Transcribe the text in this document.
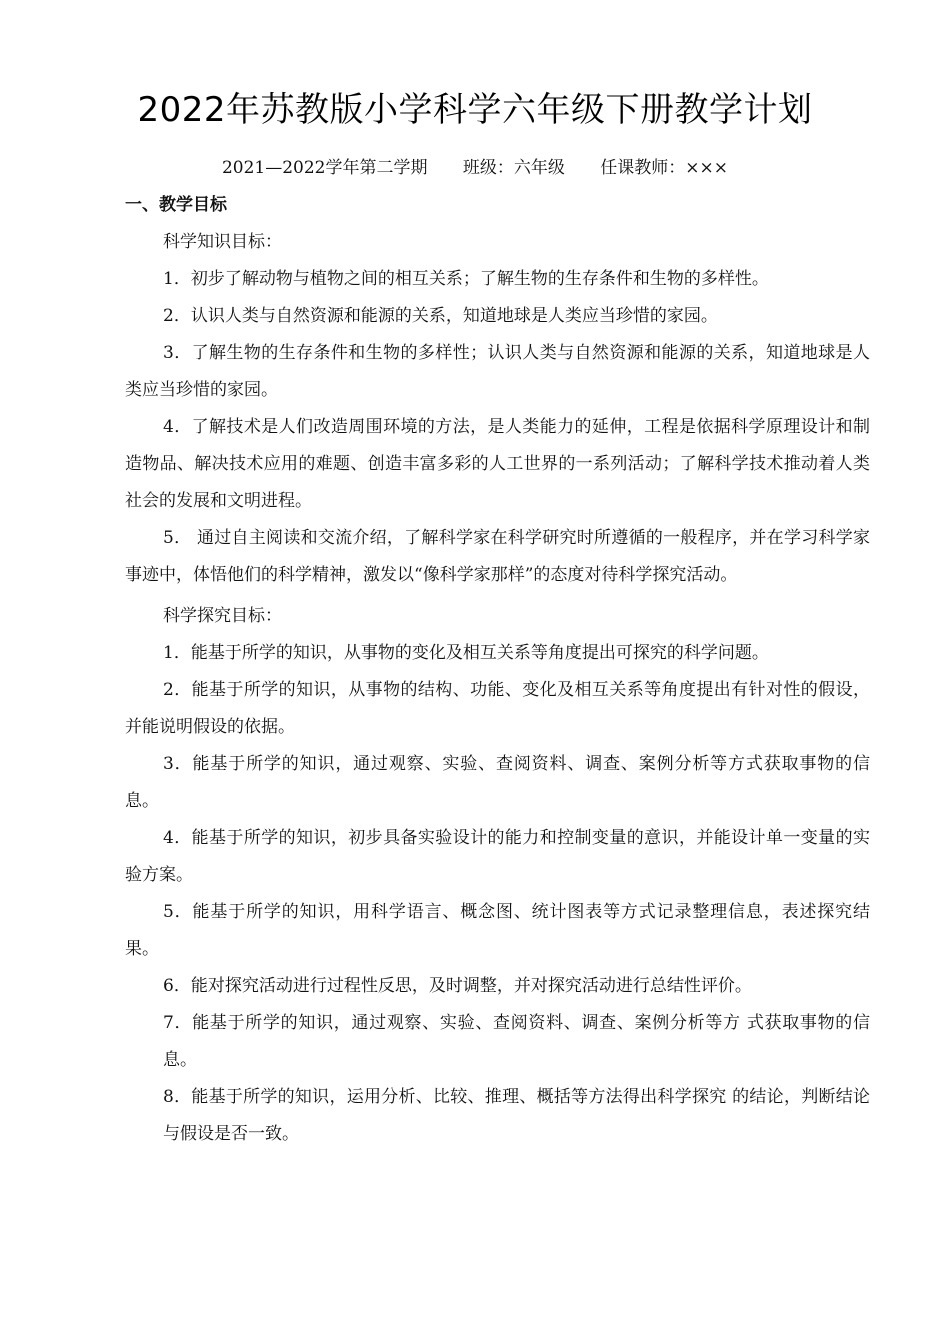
2022年苏教版小学科学六年级下册教学计划
2021—2022学年第二学期 班级：六年级 任课教师：×××

一、教学目标

科学知识目标：

1．初步了解动物与植物之间的相互关系；了解生物的生存条件和生物的多样性。

2．认识人类与自然资源和能源的关系，知道地球是人类应当珍惜的家园。

3．了解生物的生存条件和生物的多样性；认识人类与自然资源和能源的关系，知道地球是人类应当珍惜的家园。

4．了解技术是人们改造周围环境的方法，是人类能力的延伸，工程是依据科学原理设计和制造物品、解决技术应用的难题、创造丰富多彩的人工世界的一系列活动；了解科学技术推动着人类社会的发展和文明进程。

5． 通过自主阅读和交流介绍，了解科学家在科学研究时所遵循的一般程序，并在学习科学家事迹中，体悟他们的科学精神，激发以“像科学家那样”的态度对待科学探究活动。

科学探究目标：

1．能基于所学的知识，从事物的变化及相互关系等角度提出可探究的科学问题。

2．能基于所学的知识，从事物的结构、功能、变化及相互关系等角度提出有针对性的假设，并能说明假设的依据。

3．能基于所学的知识，通过观察、实验、查阅资料、调查、案例分析等方式获取事物的信息。

4．能基于所学的知识，初步具备实验设计的能力和控制变量的意识，并能设计单一变量的实验方案。

5．能基于所学的知识，用科学语言、概念图、统计图表等方式记录整理信息，表述探究结果。

6．能对探究活动进行过程性反思，及时调整，并对探究活动进行总结性评价。

7．能基于所学的知识，通过观察、实验、查阅资料、调查、案例分析等方 式获取事物的信息。

8．能基于所学的知识，运用分析、比较、推理、概括等方法得出科学探究 的结论，判断结论与假设是否一致。
